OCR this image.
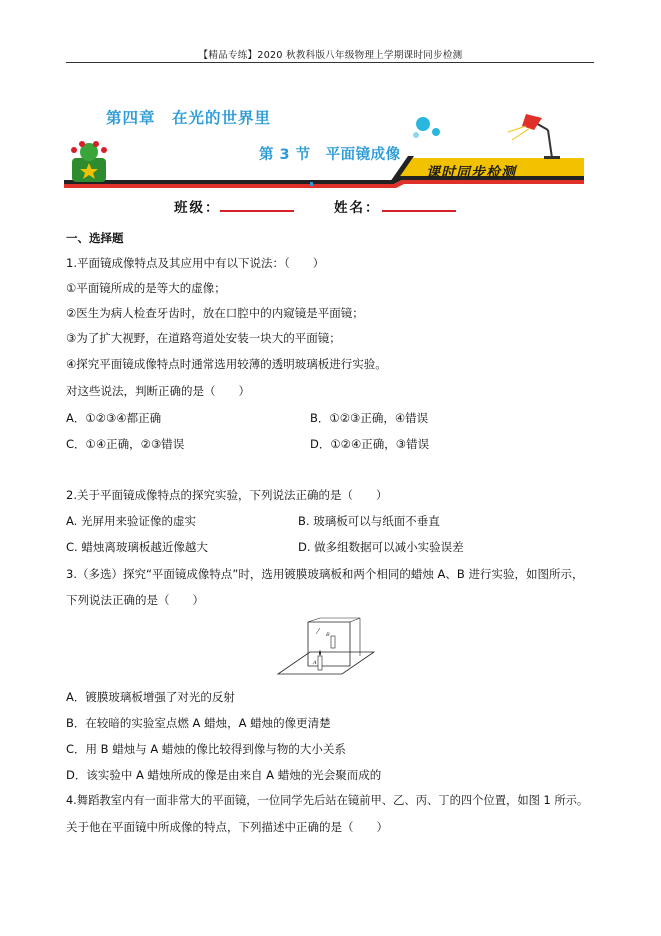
【精品专练】2020 秋教科版八年级物理上学期课时同步检测
第四章　在光的世界里
第 3 节　平面镜成像
课时同步检测
班级：	姓名：
一、选择题
1.平面镜成像特点及其应用中有以下说法：（　　）
①平面镜所成的是等大的虚像；
②医生为病人检查牙齿时，放在口腔中的内窥镜是平面镜；
③为了扩大视野，在道路弯道处安装一块大的平面镜；
④探究平面镜成像特点时通常选用较薄的透明玻璃板进行实验。
对这些说法，判断正确的是（　　）
A．①②③④都正确	B．①②③正确，④错误
C．①④正确，②③错误	D．①②④正确，③错误
2.关于平面镜成像特点的探究实验，下列说法正确的是（　　）
A. 光屏用来验证像的虚实	B. 玻璃板可以与纸面不垂直
C. 蜡烛离玻璃板越近像越大	D. 做多组数据可以减小实验误差
3.（多选）探究“平面镜成像特点”时，选用镀膜玻璃板和两个相同的蜡烛 A、B 进行实验，如图所示，
下列说法正确的是（　　）
B
A
A．镀膜玻璃板增强了对光的反射
B．在较暗的实验室点燃 A 蜡烛，A 蜡烛的像更清楚
C．用 B 蜡烛与 A 蜡烛的像比较得到像与物的大小关系
D．该实验中 A 蜡烛所成的像是由来自 A 蜡烛的光会聚而成的
4.舞蹈教室内有一面非常大的平面镜，一位同学先后站在镜前甲、乙、丙、丁的四个位置，如图 1 所示。
关于他在平面镜中所成像的特点，下列描述中正确的是（　　）
